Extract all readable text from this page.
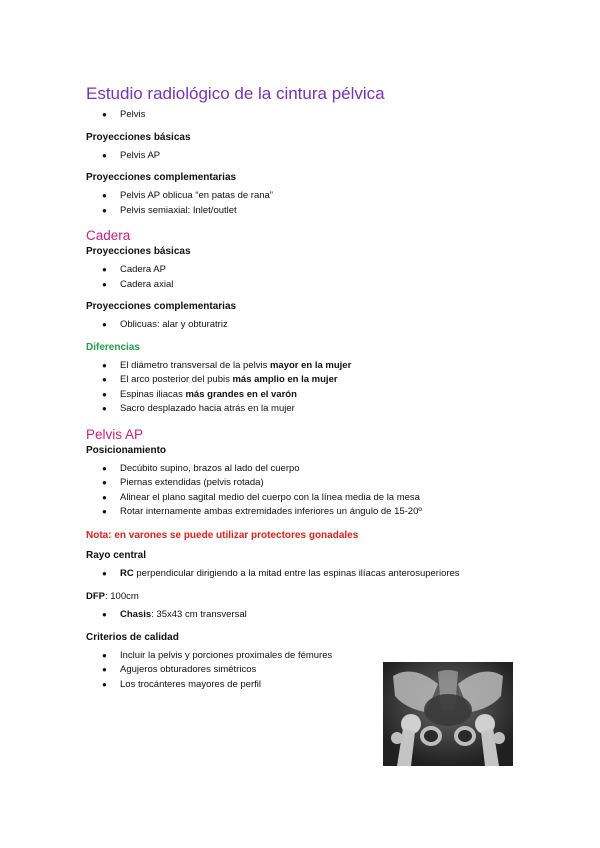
Estudio radiológico de la cintura pélvica
● Pelvis
Proyecciones básicas
● Pelvis AP
Proyecciones complementarias
● Pelvis AP oblicua “en patas de rana”
● Pelvis semiaxial: Inlet/outlet
Cadera
Proyecciones básicas
● Cadera AP
● Cadera axial
Proyecciones complementarias
● Oblicuas: alar y obturatriz
Diferencias
● El diámetro transversal de la pelvis mayor en la mujer
● El arco posterior del pubis más amplio en la mujer
● Espinas iliacas más grandes en el varón
● Sacro desplazado hacia atrás en la mujer
Pelvis AP
Posicionamiento
● Decúbito supino, brazos al lado del cuerpo
● Piernas extendidas (pelvis rotada)
● Alinear el plano sagital medio del cuerpo con la línea media de la mesa
● Rotar internamente ambas extremidades inferiores un ángulo de 15-20º
Nota: en varones se puede utilizar protectores gonadales
Rayo central
● RC perpendicular dirigiendo a la mitad entre las espinas ilíacas anterosuperiores
DFP: 100cm
● Chasis: 35x43 cm transversal
Criterios de calidad
● Incluir la pelvis y porciones proximales de fémures
● Agujeros obturadores simétricos
● Los trocánteres mayores de perfil
